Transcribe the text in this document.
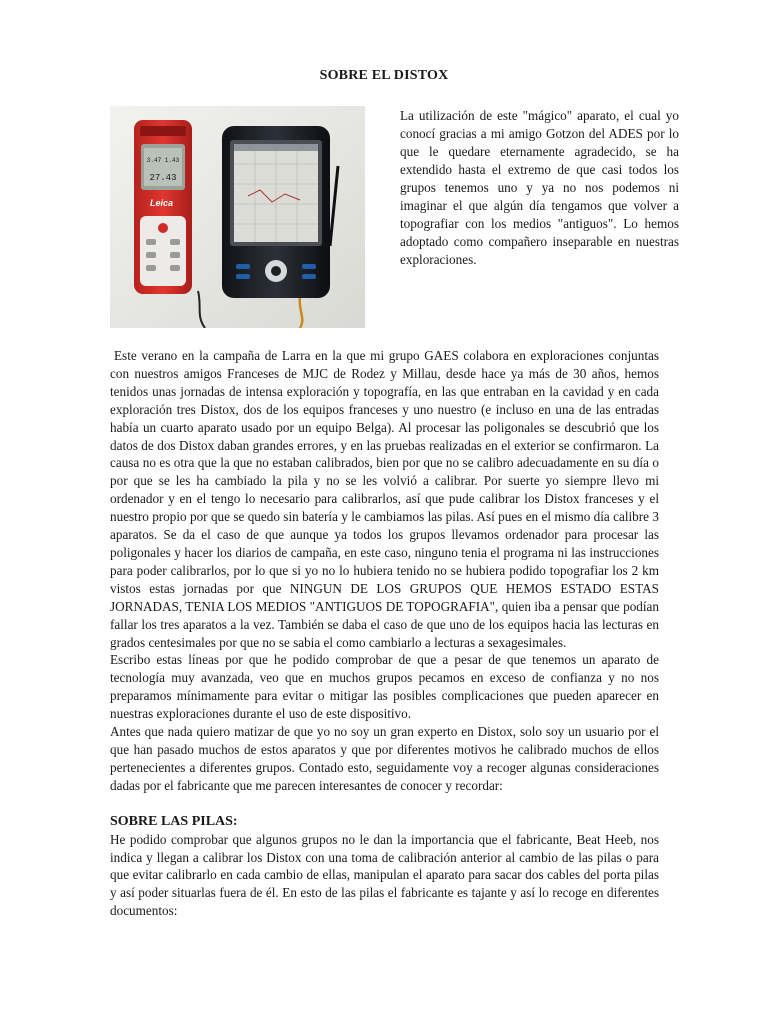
SOBRE EL DISTOX
27.43
3.47 1.43
Leica
La utilización de este "mágico" aparato, el cual yo conocí gracias a mi amigo Gotzon del ADES por lo que le quedare eternamente agradecido, se ha extendido hasta el extremo de que casi todos los grupos tenemos uno y ya no nos podemos ni imaginar el que algún día tengamos que volver a topografiar con los medios "antiguos". Lo hemos adoptado como compañero inseparable en nuestras exploraciones.

Este verano en la campaña de Larra en la que mi grupo GAES colabora en exploraciones conjuntas con nuestros amigos Franceses de MJC de Rodez y Millau, desde hace ya más de 30 años, hemos tenidos unas jornadas de intensa exploración y topografía, en las que entraban en la cavidad y en cada exploración tres Distox, dos de los equipos franceses y uno nuestro (e incluso en una de las entradas había un cuarto aparato usado por un equipo Belga). Al procesar las poligonales se descubrió que los datos de dos Distox daban grandes errores, y en las pruebas realizadas en el exterior se confirmaron. La causa no es otra que la que no estaban calibrados, bien por que no se calibro adecuadamente en su día o por que se les ha cambiado la pila y no se les volvió a calibrar. Por suerte yo siempre llevo mi ordenador y en el tengo lo necesario para calibrarlos, así que pude calibrar los Distox franceses y el nuestro propio por que se quedo sin batería y le cambiamos las pilas. Así pues en el mismo día calibre 3 aparatos. Se da el caso de que aunque ya todos los grupos llevamos ordenador para procesar las poligonales y hacer los diarios de campaña, en este caso, ninguno tenia el programa ni las instrucciones para poder calibrarlos, por lo que si yo no lo hubiera tenido no se hubiera podido topografiar los 2 km vistos estas jornadas por que NINGUN DE LOS GRUPOS QUE HEMOS ESTADO ESTAS JORNADAS, TENIA LOS MEDIOS "ANTIGUOS DE TOPOGRAFIA", quien iba a pensar que podían fallar los tres aparatos a la vez. También se daba el caso de que uno de los equipos hacia las lecturas en grados centesimales por que no se sabia el como cambiarlo a lecturas a sexagesimales.

Escribo estas líneas por que he podido comprobar de que a pesar de que tenemos un aparato de tecnología muy avanzada, veo que en muchos grupos pecamos en exceso de confianza y no nos preparamos mínimamente para evitar o mitigar las posibles complicaciones que pueden aparecer en nuestras exploraciones durante el uso de este dispositivo.

Antes que nada quiero matizar de que yo no soy un gran experto en Distox, solo soy un usuario por el que han pasado muchos de estos aparatos y que por diferentes motivos he calibrado muchos de ellos pertenecientes a diferentes grupos. Contado esto, seguidamente voy a recoger algunas consideraciones dadas por el fabricante que me parecen interesantes de conocer y recordar:

SOBRE LAS PILAS:

He podido comprobar que algunos grupos no le dan la importancia que el fabricante, Beat Heeb, nos indica y llegan a calibrar los Distox con una toma de calibración anterior al cambio de las pilas o para que evitar calibrarlo en cada cambio de ellas, manipulan el aparato para sacar dos cables del porta pilas y así poder situarlas fuera de él. En esto de las pilas el fabricante es tajante y así lo recoge en diferentes documentos:
